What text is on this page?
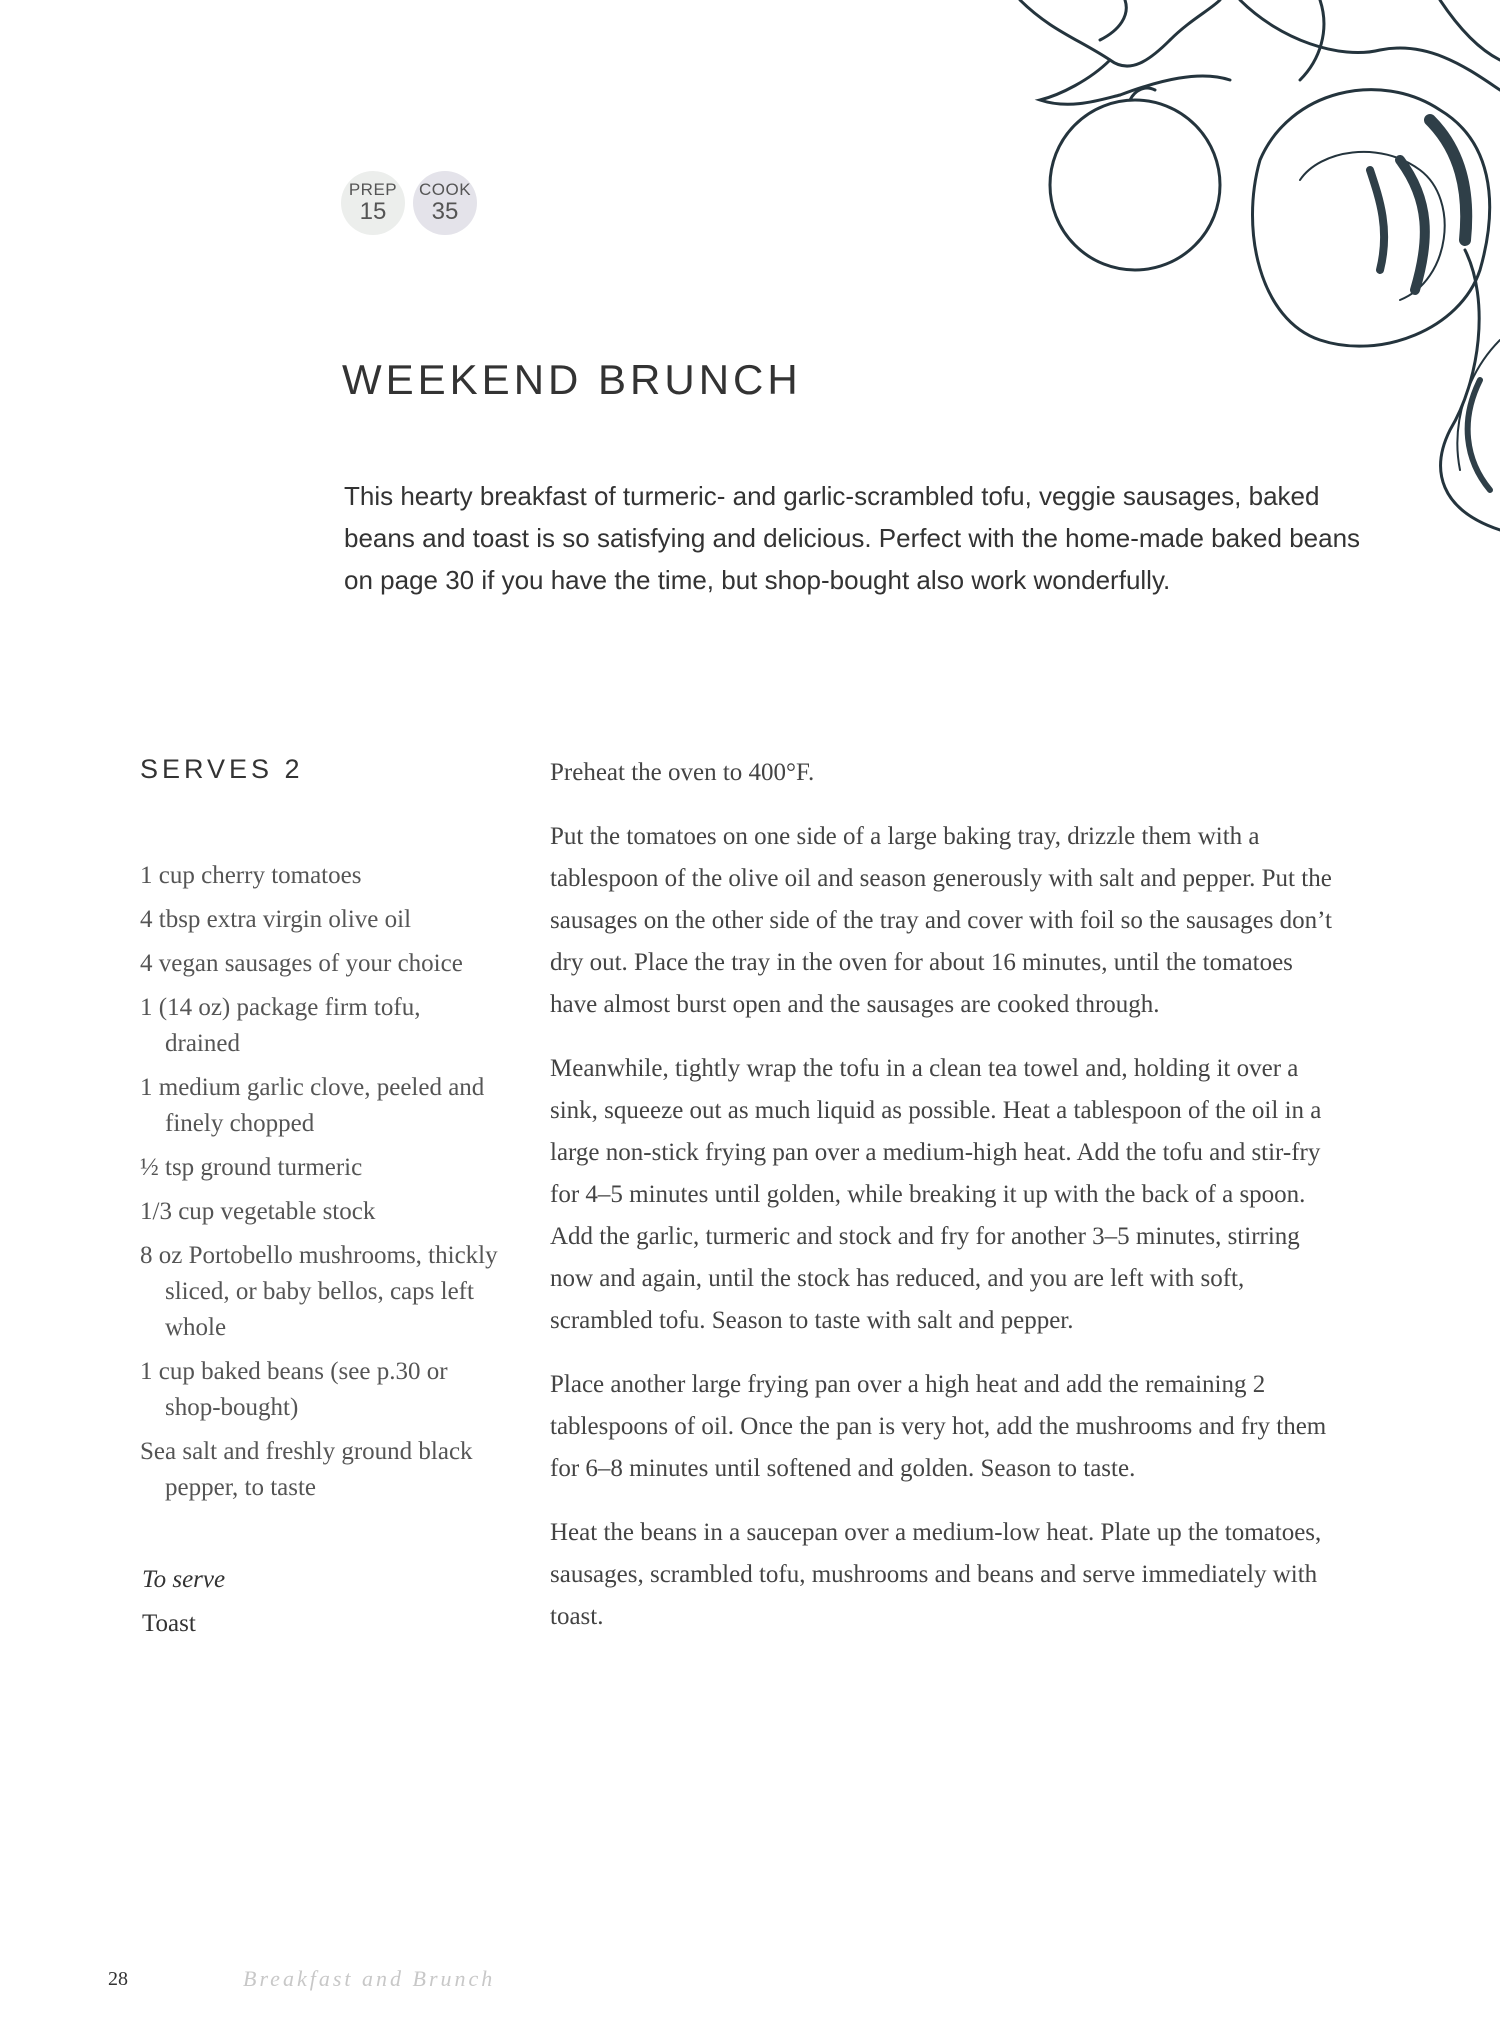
PREP
15
COOK
35
WEEKEND BRUNCH

This hearty breakfast of turmeric- and garlic-scrambled tofu, veggie sausages, baked beans and toast is so satisfying and delicious. Perfect with the home-made baked beans on page 30 if you have the time, but shop-bought also work wonderfully.

SERVES 2
1 cup cherry tomatoes
4 tbsp extra virgin olive oil
4 vegan sausages of your choice
1 (14 oz) package firm tofu, drained
1 medium garlic clove, peeled and finely chopped
½ tsp ground turmeric
1/3 cup vegetable stock
8 oz Portobello mushrooms, thickly sliced, or baby bellos, caps left whole
1 cup baked beans (see p.30 or shop-bought)
Sea salt and freshly ground black pepper, to taste
To serve
Toast

Preheat the oven to 400°F.

Put the tomatoes on one side of a large baking tray, drizzle them with a tablespoon of the olive oil and season generously with salt and pepper. Put the sausages on the other side of the tray and cover with foil so the sausages don’t dry out. Place the tray in the oven for about 16 minutes, until the tomatoes have almost burst open and the sausages are cooked through.

Meanwhile, tightly wrap the tofu in a clean tea towel and, holding it over a sink, squeeze out as much liquid as possible. Heat a tablespoon of the oil in a large non-stick frying pan over a medium-high heat. Add the tofu and stir-fry for 4–5 minutes until golden, while breaking it up with the back of a spoon. Add the garlic, turmeric and stock and fry for another 3–5 minutes, stirring now and again, until the stock has reduced, and you are left with soft, scrambled tofu. Season to taste with salt and pepper.

Place another large frying pan over a high heat and add the remaining 2 tablespoons of oil. Once the pan is very hot, add the mushrooms and fry them for 6–8 minutes until softened and golden. Season to taste.

Heat the beans in a saucepan over a medium-low heat. Plate up the tomatoes, sausages, scrambled tofu, mushrooms and beans and serve immediately with toast.

28	Breakfast and Brunch
